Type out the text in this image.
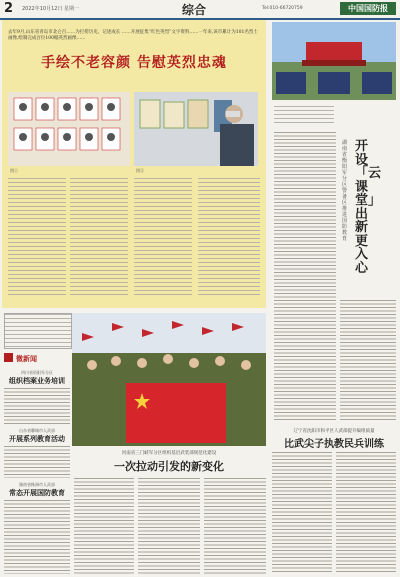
2 2022年10月12日 星期一	综合	Tel:010-66720759	中国国防报
去年9月,山东省青岛市北仑召……为打捞历史、记述成长 ……开展征集“红色英烈”文字资料……一年来,该市累计为101名烈士画像,绘制完成百位100幅英烈画像……
手绘不老容颜 告慰英烈忠魂
图①	图②
湖南省衡阳军分区警备区推进国防教育
开设「云课堂」出新更入心
微新闻
四川省资阳军分区
组织档案业务培训
山东省聊城市人武部
开展系列教育活动
湖南省株洲市人武部
常态开展国防教育
河南省三门峡军分区组织基层武装部规范化建设
一次拉动引发的新变化
辽宁省沈阳市和平区人武部提升编组质量
比武尖子执教民兵训练
